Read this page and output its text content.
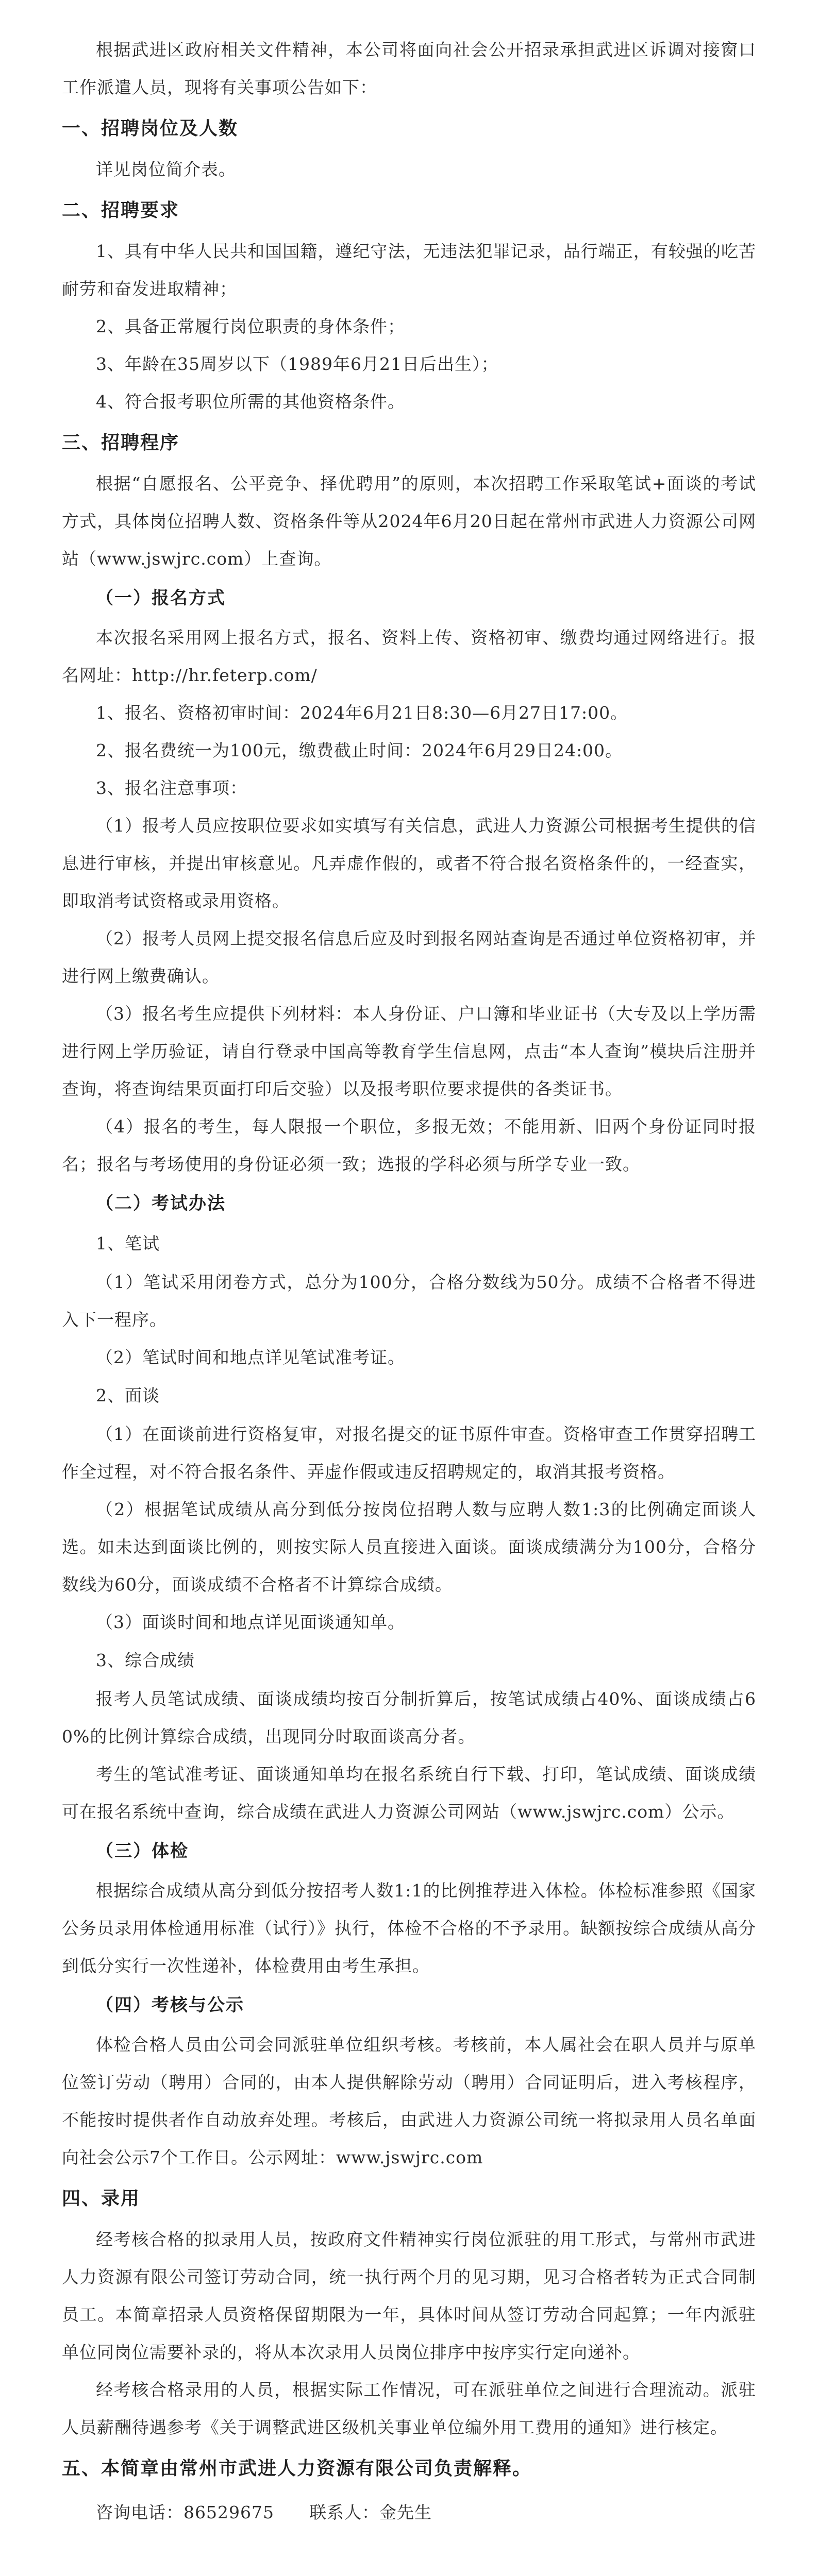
根据武进区政府相关文件精神，本公司将面向社会公开招录承担武进区诉调对接窗口工作派遣人员，现将有关事项公告如下：

一、招聘岗位及人数

详见岗位简介表。

二、招聘要求

1、具有中华人民共和国国籍，遵纪守法，无违法犯罪记录，品行端正，有较强的吃苦耐劳和奋发进取精神；

2、具备正常履行岗位职责的身体条件；

3、年龄在35周岁以下（1989年6月21日后出生）；

4、符合报考职位所需的其他资格条件。

三、招聘程序

根据“自愿报名、公平竞争、择优聘用”的原则，本次招聘工作采取笔试+面谈的考试方式，具体岗位招聘人数、资格条件等从2024年6月20日起在常州市武进人力资源公司网站（www.jswjrc.com）上查询。

（一）报名方式

本次报名采用网上报名方式，报名、资料上传、资格初审、缴费均通过网络进行。报名网址：http://hr.feterp.com/

1、报名、资格初审时间：2024年6月21日8:30—6月27日17:00。

2、报名费统一为100元，缴费截止时间：2024年6月29日24:00。

3、报名注意事项：

（1）报考人员应按职位要求如实填写有关信息，武进人力资源公司根据考生提供的信息进行审核，并提出审核意见。凡弄虚作假的，或者不符合报名资格条件的，一经查实，即取消考试资格或录用资格。

（2）报考人员网上提交报名信息后应及时到报名网站查询是否通过单位资格初审，并进行网上缴费确认。

（3）报名考生应提供下列材料：本人身份证、户口簿和毕业证书（大专及以上学历需进行网上学历验证，请自行登录中国高等教育学生信息网，点击“本人查询”模块后注册并查询，将查询结果页面打印后交验）以及报考职位要求提供的各类证书。

（4）报名的考生，每人限报一个职位，多报无效；不能用新、旧两个身份证同时报名；报名与考场使用的身份证必须一致；选报的学科必须与所学专业一致。

（二）考试办法

1、笔试

（1）笔试采用闭卷方式，总分为100分，合格分数线为50分。成绩不合格者不得进入下一程序。

（2）笔试时间和地点详见笔试准考证。

2、面谈

（1）在面谈前进行资格复审，对报名提交的证书原件审查。资格审查工作贯穿招聘工作全过程，对不符合报名条件、弄虚作假或违反招聘规定的，取消其报考资格。

（2）根据笔试成绩从高分到低分按岗位招聘人数与应聘人数1:3的比例确定面谈人选。如未达到面谈比例的，则按实际人员直接进入面谈。面谈成绩满分为100分，合格分数线为60分，面谈成绩不合格者不计算综合成绩。

（3）面谈时间和地点详见面谈通知单。

3、综合成绩

报考人员笔试成绩、面谈成绩均按百分制折算后，按笔试成绩占40%、面谈成绩占60%的比例计算综合成绩，出现同分时取面谈高分者。

考生的笔试准考证、面谈通知单均在报名系统自行下载、打印，笔试成绩、面谈成绩可在报名系统中查询，综合成绩在武进人力资源公司网站（www.jswjrc.com）公示。

（三）体检

根据综合成绩从高分到低分按招考人数1:1的比例推荐进入体检。体检标准参照《国家公务员录用体检通用标准（试行）》执行，体检不合格的不予录用。缺额按综合成绩从高分到低分实行一次性递补，体检费用由考生承担。

（四）考核与公示

体检合格人员由公司会同派驻单位组织考核。考核前，本人属社会在职人员并与原单位签订劳动（聘用）合同的，由本人提供解除劳动（聘用）合同证明后，进入考核程序，不能按时提供者作自动放弃处理。考核后，由武进人力资源公司统一将拟录用人员名单面向社会公示7个工作日。公示网址：www.jswjrc.com

四、录用

经考核合格的拟录用人员，按政府文件精神实行岗位派驻的用工形式，与常州市武进人力资源有限公司签订劳动合同，统一执行两个月的见习期，见习合格者转为正式合同制员工。本简章招录人员资格保留期限为一年，具体时间从签订劳动合同起算；一年内派驻单位同岗位需要补录的，将从本次录用人员岗位排序中按序实行定向递补。

经考核合格录用的人员，根据实际工作情况，可在派驻单位之间进行合理流动。派驻人员薪酬待遇参考《关于调整武进区级机关事业单位编外用工费用的通知》进行核定。

五、本简章由常州市武进人力资源有限公司负责解释。

咨询电话：86529675　　 联系人：金先生
